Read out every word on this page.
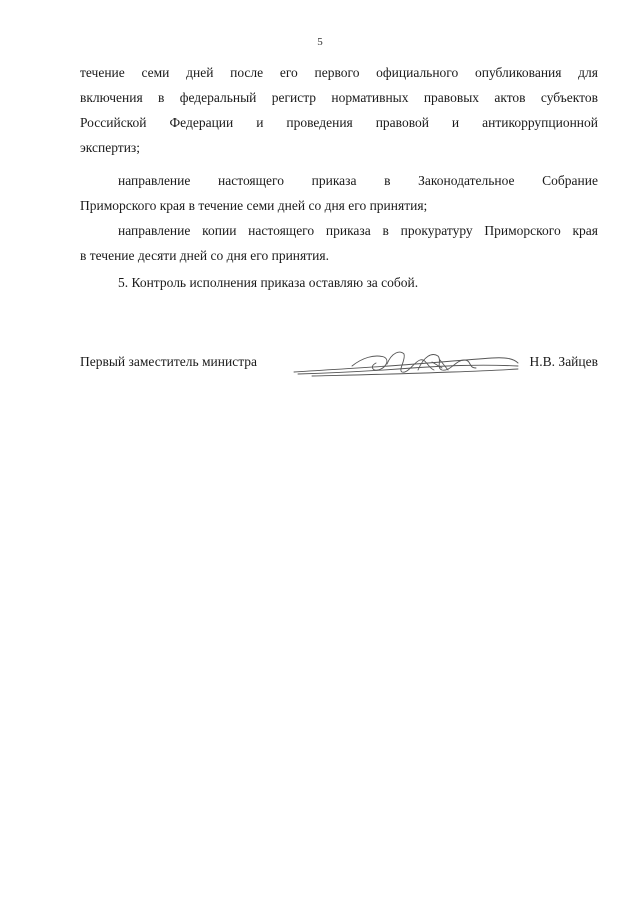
5

течение семи дней после его первого официального опубликования для
включения в федеральный регистр нормативных правовых актов субъектов
Российской Федерации и проведения правовой и антикоррупционной
экспертиз;

направление настоящего приказа в Законодательное Собрание
Приморского края в течение семи дней со дня его принятия;

направление копии настоящего приказа в прокуратуру Приморского края
в течение десяти дней со дня его принятия.

5. Контроль исполнения приказа оставляю за собой.

Первый заместитель министра	Н.В. Зайцев
